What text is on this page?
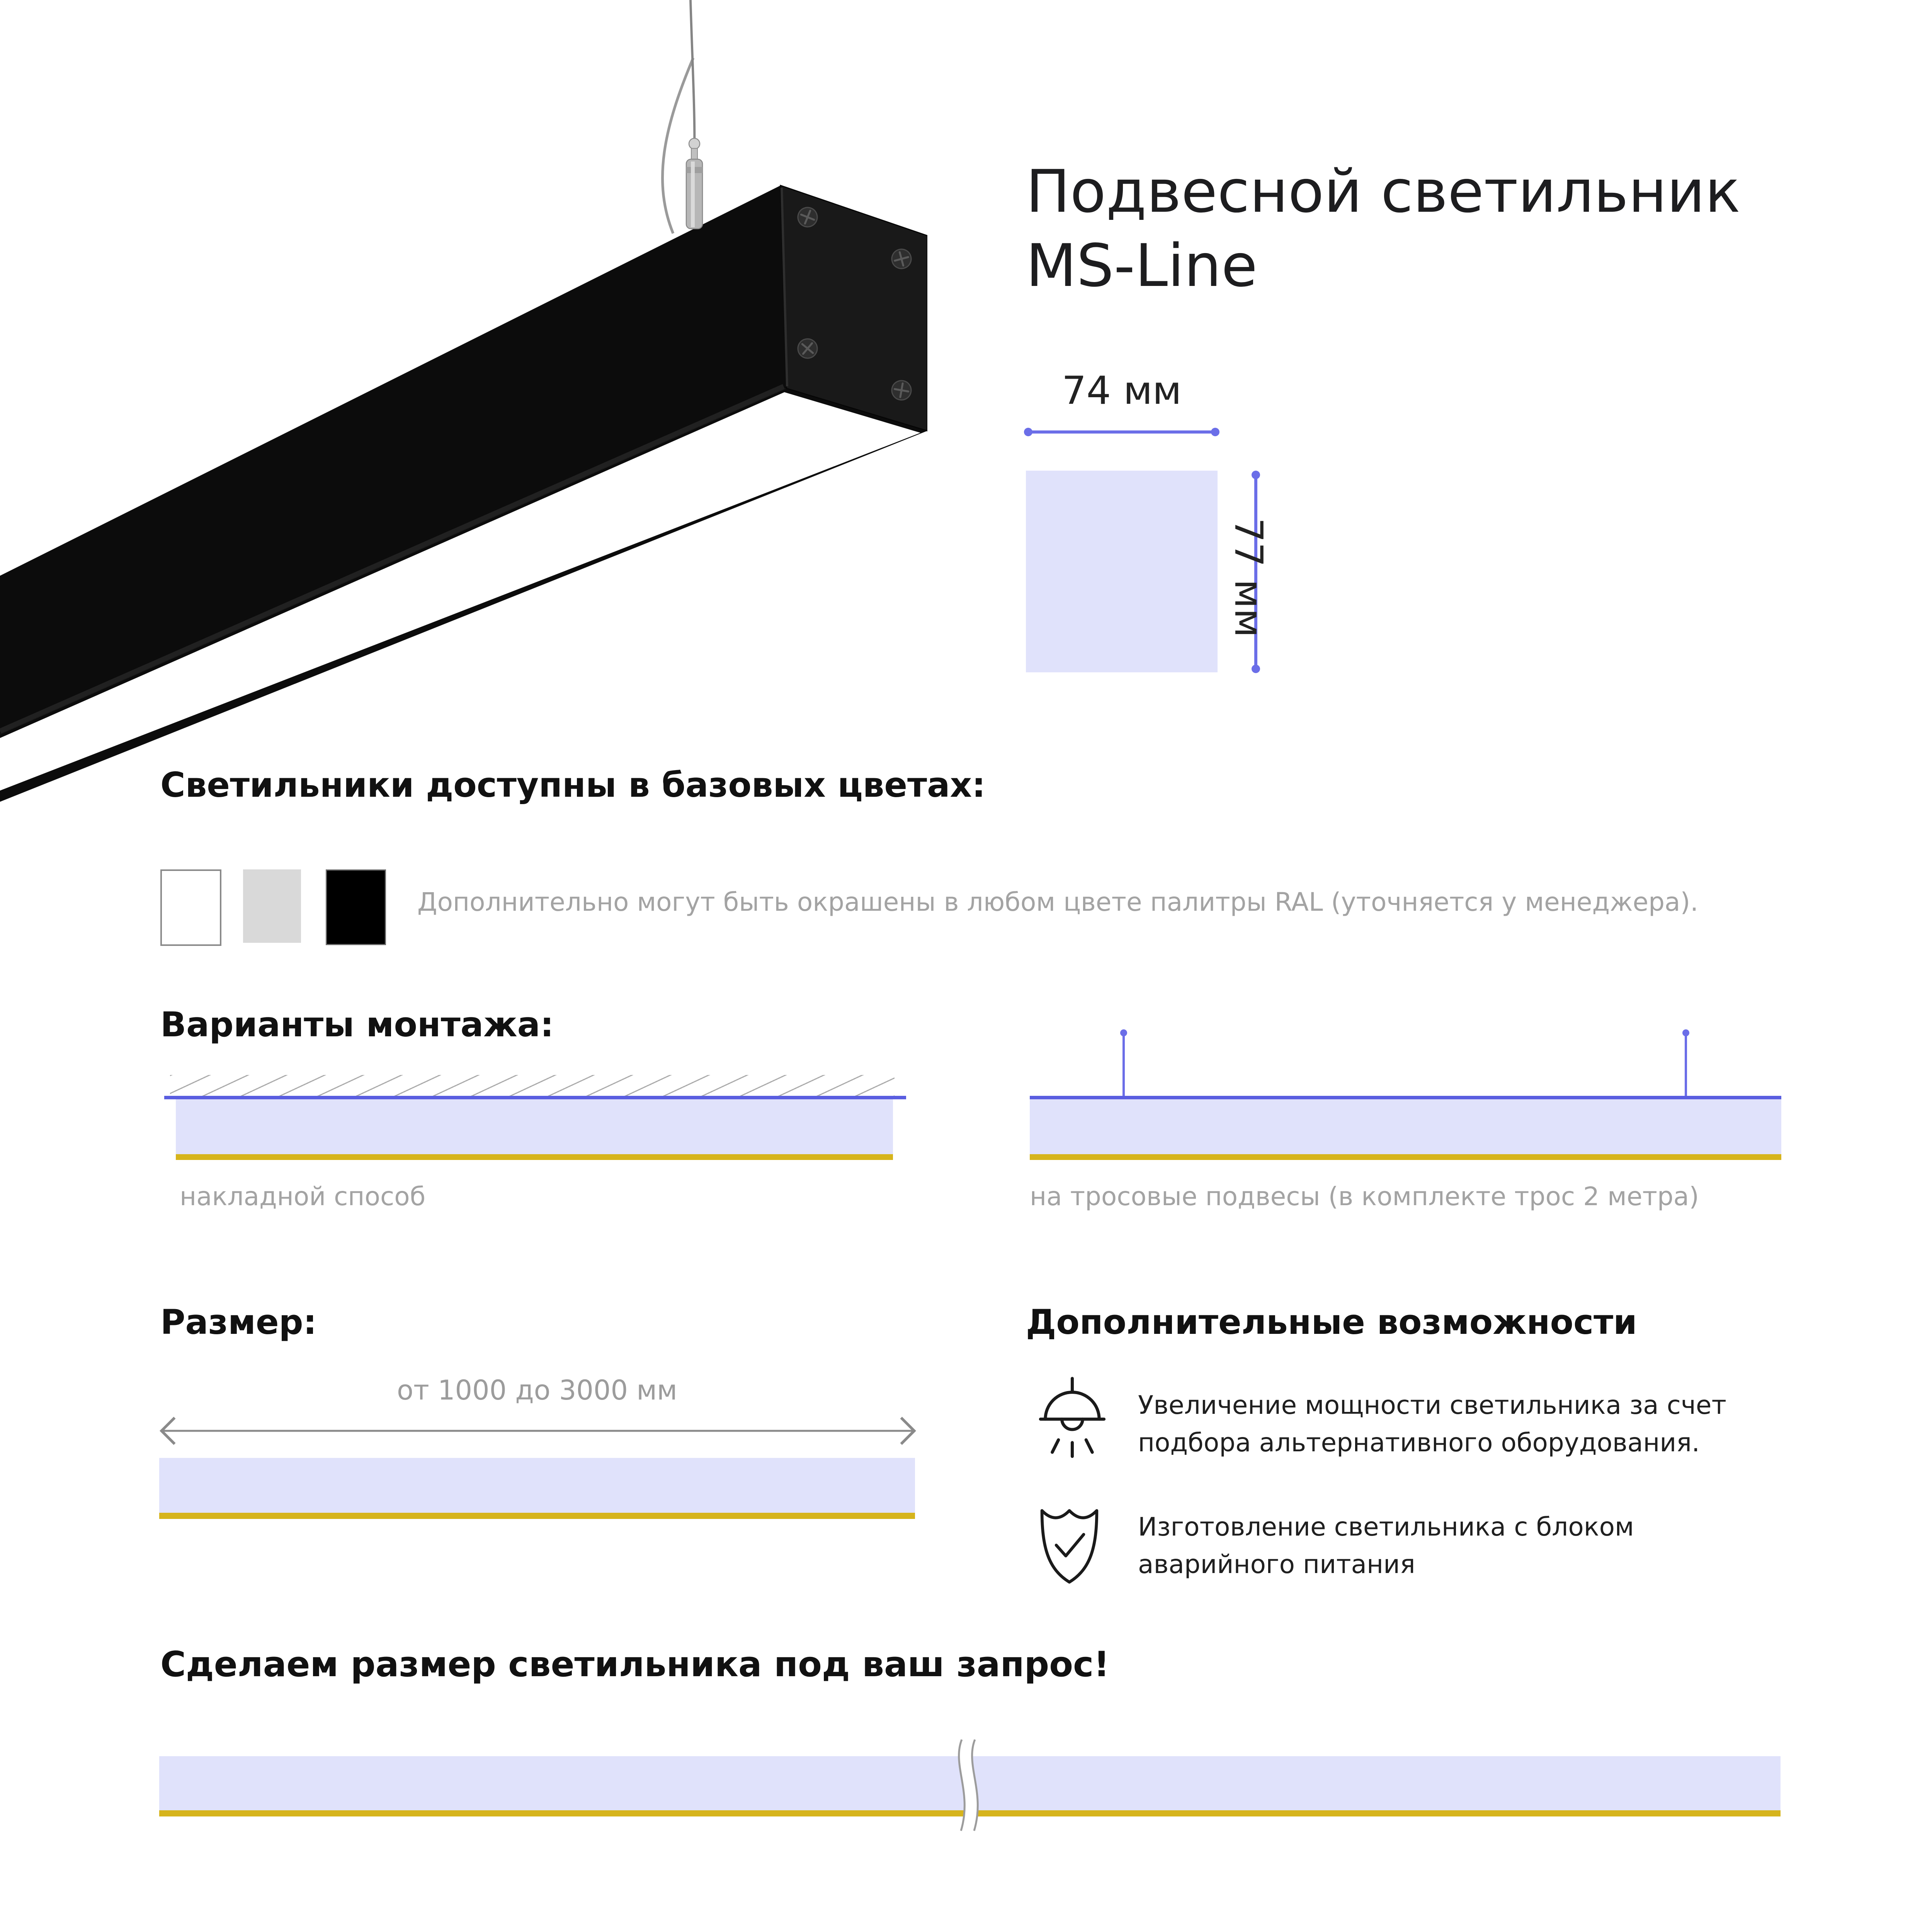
Подвесной светильник
MS-Line
74 мм
77 мм
Светильники доступны в базовых цветах:
Дополнительно могут быть окрашены в любом цвете палитры RAL (уточняется у менеджера).
Варианты монтажа:
накладной способ	на тросовые подвесы (в комплекте трос 2 метра)
Размер:
от 1000 до 3000 мм
Дополнительные возможности
Увеличение мощности светильника за счет
подбора альтернативного оборудования.
Изготовление светильника с блоком
аварийного питания
Сделаем размер светильника под ваш запрос!
